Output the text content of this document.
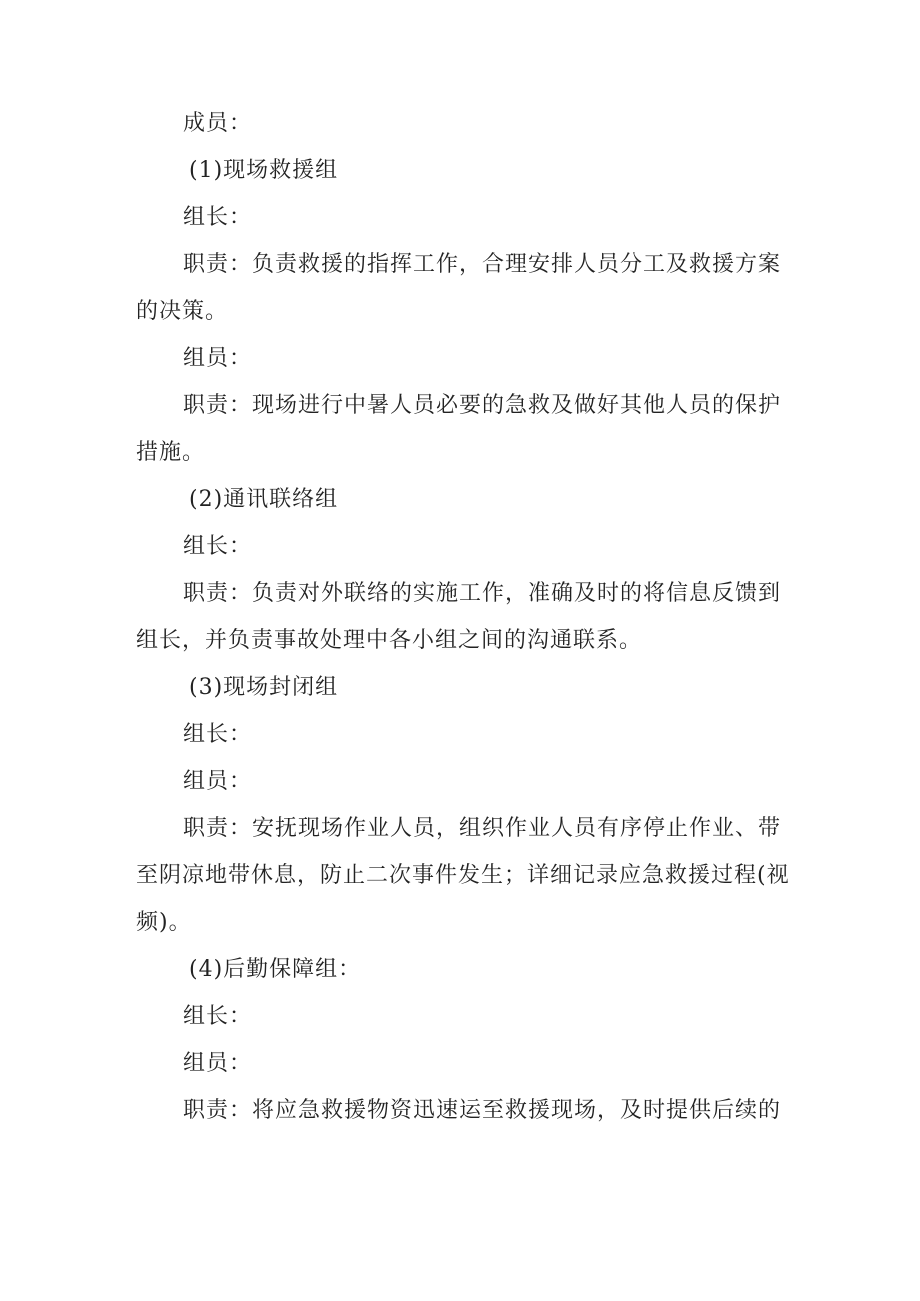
成员：
(1)现场救援组
组长：
职责：负责救援的指挥工作，合理安排人员分工及救援方案
的决策。
组员：
职责：现场进行中暑人员必要的急救及做好其他人员的保护
措施。
(2)通讯联络组
组长：
职责：负责对外联络的实施工作，准确及时的将信息反馈到
组长，并负责事故处理中各小组之间的沟通联系。
(3)现场封闭组
组长：
组员：
职责：安抚现场作业人员，组织作业人员有序停止作业、带
至阴凉地带休息，防止二次事件发生；详细记录应急救援过程(视
频)。
(4)后勤保障组：
组长：
组员：
职责：将应急救援物资迅速运至救援现场，及时提供后续的
